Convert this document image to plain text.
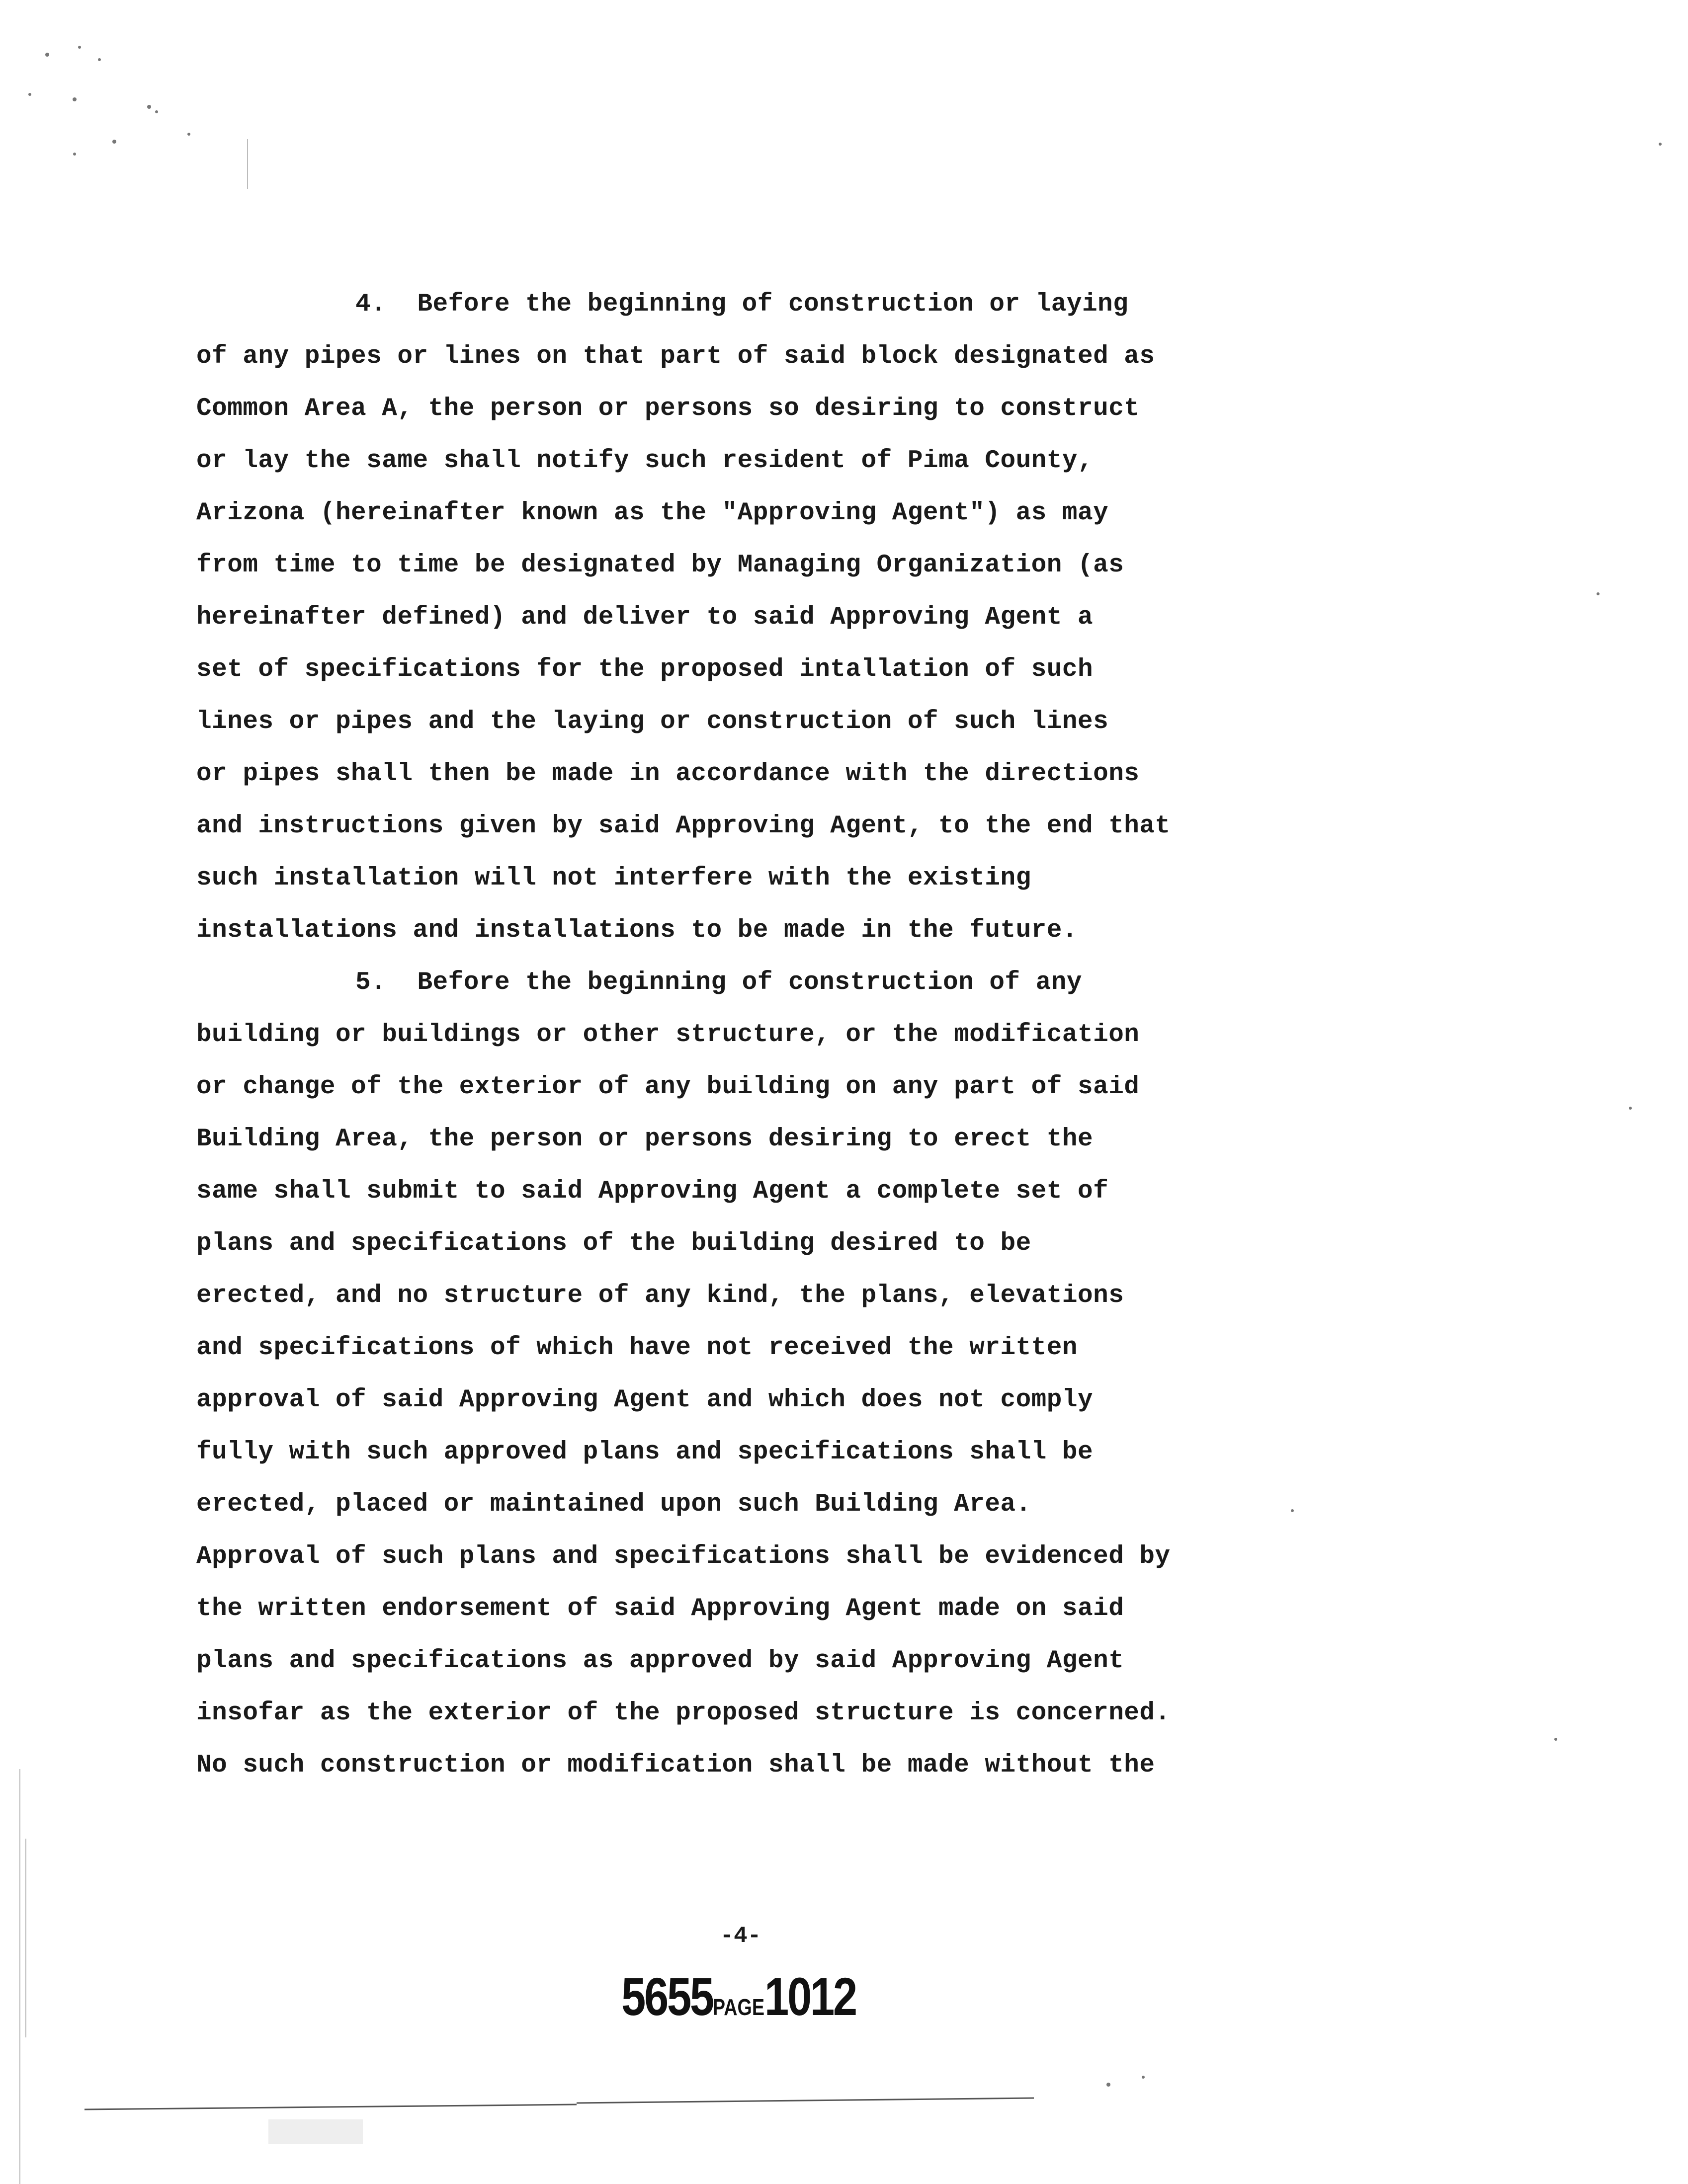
4. Before the beginning of construction or laying
of any pipes or lines on that part of said block designated as
Common Area A, the person or persons so desiring to construct
or lay the same shall notify such resident of Pima County,
Arizona (hereinafter known as the "Approving Agent") as may
from time to time be designated by Managing Organization (as
hereinafter defined) and deliver to said Approving Agent a
set of specifications for the proposed intallation of such
lines or pipes and the laying or construction of such lines
or pipes shall then be made in accordance with the directions
and instructions given by said Approving Agent, to the end that
such installation will not interfere with the existing
installations and installations to be made in the future.
5. Before the beginning of construction of any
building or buildings or other structure, or the modification
or change of the exterior of any building on any part of said
Building Area, the person or persons desiring to erect the
same shall submit to said Approving Agent a complete set of
plans and specifications of the building desired to be
erected, and no structure of any kind, the plans, elevations
and specifications of which have not received the written
approval of said Approving Agent and which does not comply
fully with such approved plans and specifications shall be
erected, placed or maintained upon such Building Area.
Approval of such plans and specifications shall be evidenced by
the written endorsement of said Approving Agent made on said
plans and specifications as approved by said Approving Agent
insofar as the exterior of the proposed structure is concerned.
No such construction or modification shall be made without the
-4-
5655PAGE1012
